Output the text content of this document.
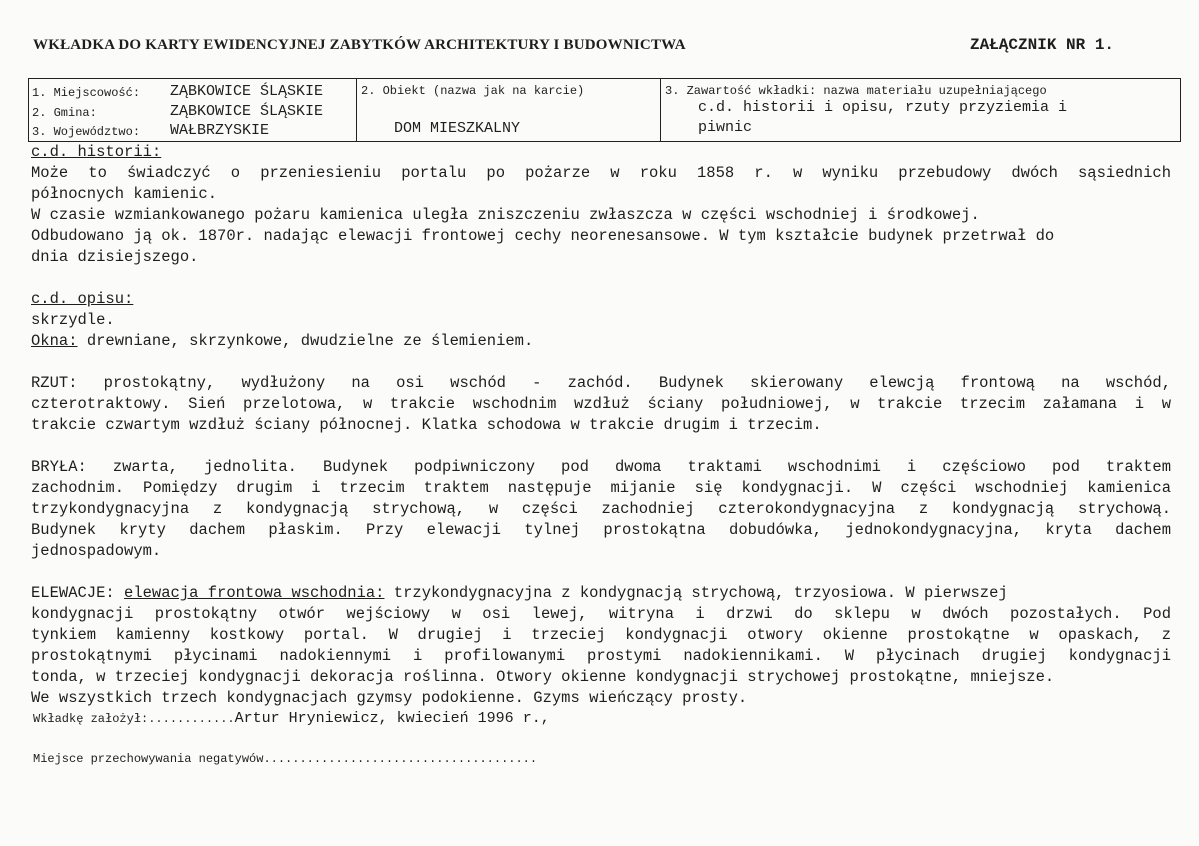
WKŁADKA DO KARTY EWIDENCYJNEJ ZABYTKÓW ARCHITEKTURY I BUDOWNICTWA	ZAŁĄCZNIK NR 1.
1. Miejscowość: ZĄBKOWICE ŚLĄSKIE
2. Gmina:	ZĄBKOWICE ŚLĄSKIE
3. Województwo: WAŁBRZYSKIE
2. Obiekt (nazwa jak na karcie)
DOM MIESZKALNY
3. Zawartość wkładki: nazwa materiału uzupełniającego
c.d. historii i opisu, rzuty przyziemia i
piwnic
c.d. historii:
Może to świadczyć o przeniesieniu portalu po pożarze w roku 1858 r. w wyniku przebudowy dwóch sąsiednich
północnych kamienic.
W czasie wzmiankowanego pożaru kamienica uległa zniszczeniu zwłaszcza w części wschodniej i środkowej.
Odbudowano ją ok. 1870r. nadając elewacji frontowej cechy neorenesansowe. W tym kształcie budynek przetrwał do
dnia dzisiejszego.
c.d. opisu:
skrzydle.
Okna: drewniane, skrzynkowe, dwudzielne ze ślemieniem.
RZUT: prostokątny, wydłużony na osi wschód - zachód. Budynek skierowany elewcją frontową na wschód,
czterotraktowy. Sień przelotowa, w trakcie wschodnim wzdłuż ściany południowej, w trakcie trzecim załamana i w
trakcie czwartym wzdłuż ściany północnej. Klatka schodowa w trakcie drugim i trzecim.
BRYŁA: zwarta, jednolita. Budynek podpiwniczony pod dwoma traktami wschodnimi i częściowo pod traktem
zachodnim. Pomiędzy drugim i trzecim traktem następuje mijanie się kondygnacji. W części wschodniej kamienica
trzykondygnacyjna z kondygnacją strychową, w części zachodniej czterokondygnacyjna z kondygnacją strychową.
Budynek kryty dachem płaskim. Przy elewacji tylnej prostokątna dobudówka, jednokondygnacyjna, kryta dachem
jednospadowym.
ELEWACJE: elewacja frontowa wschodnia: trzykondygnacyjna z kondygnacją strychową, trzyosiowa. W pierwszej
kondygnacji prostokątny otwór wejściowy w osi lewej, witryna i drzwi do sklepu w dwóch pozostałych. Pod
tynkiem kamienny kostkowy portal. W drugiej i trzeciej kondygnacji otwory okienne prostokątne w opaskach, z
prostokątnymi płycinami nadokiennymi i profilowanymi prostymi nadokiennikami. W płycinach drugiej kondygnacji
tonda, w trzeciej kondygnacji dekoracja roślinna. Otwory okienne kondygnacji strychowej prostokątne, mniejsze.
We wszystkich trzech kondygnacjach gzymsy podokienne. Gzyms wieńczący prosty.
Wkładkę założył:............Artur Hryniewicz, kwiecień 1996 r.,
Miejsce przechowywania negatywów......................................
